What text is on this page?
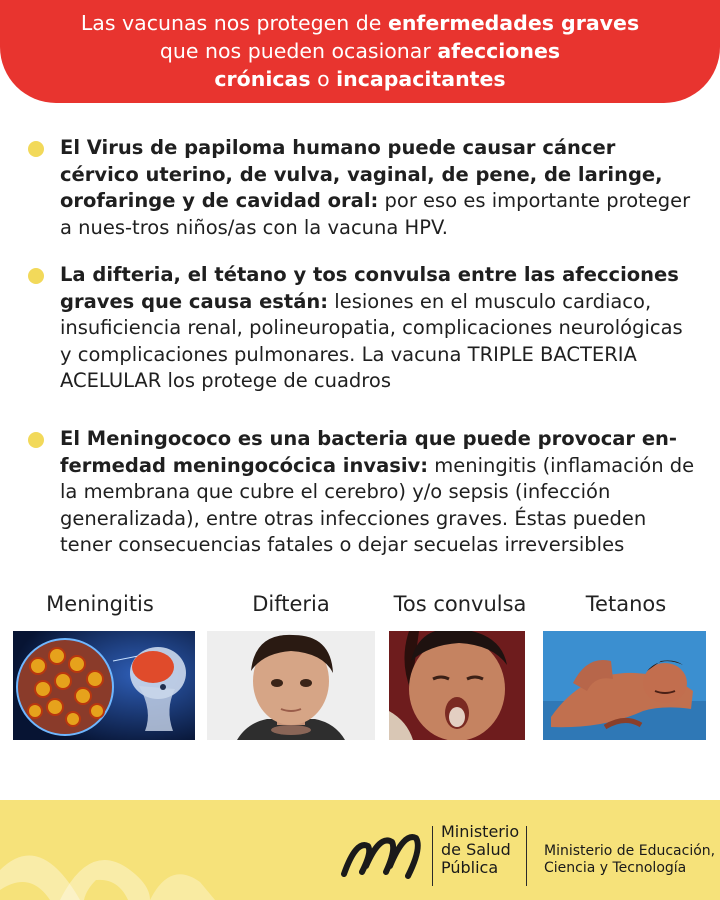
Las vacunas nos protegen de enfermedades graves
que nos pueden ocasionar afecciones
crónicas o incapacitantes
El Virus de papiloma humano puede causar cáncer cérvico uterino, de vulva, vaginal, de pene, de laringe, orofaringe y de cavidad oral: por eso es importante proteger a nues-tros niños/as con la vacuna HPV.
La difteria, el tétano y tos convulsa entre las afecciones graves que causa están: lesiones en el musculo cardiaco, insuficiencia renal, polineuropatia, complicaciones neurológicas y complicaciones pulmonares. La vacuna TRIPLE BACTERIA ACELULAR los protege de cuadros
El Meningococo es una bacteria que puede provocar en-fermedad meningocócica invasiv: meningitis (inflamación de la membrana que cubre el cerebro) y/o sepsis (infección generalizada), entre otras infecciones graves. Éstas pueden tener consecuencias fatales o dejar secuelas irreversibles
Meningitis	Difteria	Tos convulsa	Tetanos
Ministerio
de Salud
Pública
Ministerio de Educación,
Ciencia y Tecnología
